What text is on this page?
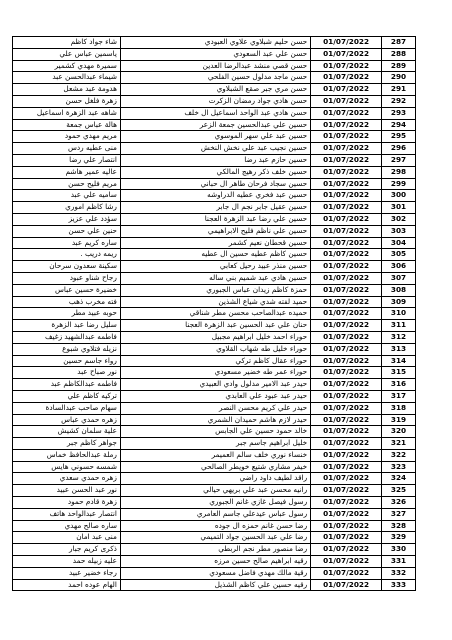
شاء جواد كاظم	حسن حليم شبلاوي علاوي العبودي	01/07/2022	287
ياسمين عباس علي	حسن علي عبد السعودي	01/07/2022	288
سميرة مهدي كشمير	حسن قصي منشد عبدالرضا العدين	01/07/2022	289
شيماء عبدالحسن عبد	حسن ماجد مدلول حسين الفلحي	01/07/2022	290
هدومة عبد مشعل	حسن مري جبر صقع الشبلاوي	01/07/2022	291
زهرة فلغل حسن	حسن هادي جواد رمضان الزكرت	01/07/2022	292
شاهه عبد الزهرة اسماعيل	حسن هادي عبد الواحد اسماعيل ال خلف	01/07/2022	293
هالة عباس جمعة	حسين علي عبدالحسين جمعة الزعر	01/07/2022	294
مريم مهدي حمود	حسين عبد علي سهر الموسوي	01/07/2022	295
منى عطيه ردس	حسين نجيب عبد علي نخش النخش	01/07/2022	296
انتصار علي رضا	حسين حازم عبد رضا	01/07/2022	297
عاليه عمير هاشم	حسين خلف ذكر رهيج المالكي	01/07/2022	298
مريم فليح حسن	حسين سجاد فرحان طاهر ال حباني	01/07/2022	299
ساميه علي عبد	حسين عبد فخري عطيه الدراوشه	01/07/2022	300
رشا كاظم اموري	حسين عقيل جابر نجم ال جابر	01/07/2022	301
سؤدد علي عزيز	حسين علي رضا عبد الزهرة العجنا	01/07/2022	302
حنين علي حسن	حسين علي ناظم فليح الابراهيمي	01/07/2022	303
ساره كريم عبد	حسين قحطان نعيم كشمر	01/07/2022	304
ريمه دريب .	حسين كاظم عطيه حسين ال عطيه	01/07/2022	305
سكينة سعدون سرحان	حسين منذر عبيد رحيل كعابي	01/07/2022	306
رجاح شناو عبود	حسين هادي عبد شميم بني ساله	01/07/2022	307
خضيرة حسين عباس	حمزة كاظم زيدان عباس الجبوري	01/07/2022	308
فته مخرب ذهب	حميد لفته شدي شياع الشذين	01/07/2022	309
حوبه عبيد مطر	حميده عبدالصاحب محسن مطر شناقي	01/07/2022	310
سليل رضا عبد الزهرة	حنان علي عبد الحسين عبد الزهرة العجنا	01/07/2022	311
فاطمه عبدالشهيد زغيف	حوراء احمد خليل ابراهيم مجبيل	01/07/2022	312
نزيله فتلاوي شبوع	حوراء خليل طه شهاب القلاوي	01/07/2022	313
رواء جاسم حسين	حوراء عقال كاظم تركي	01/07/2022	314
نور صباح عبد	حوراء عمر طه خضير مسعودي	01/07/2022	315
فاطمه عبدالكاظم عبد	حيدر عبد الامير مدلول وادي العبيدي	01/07/2022	316
تركيه كاظم علي	حيدر عبد عبود علي العابدي	01/07/2022	317
سهام صاحب عبدالسادة	حيدر علي كريم محسن النصر	01/07/2022	318
زهره حمدي عباس	حيدر لازم هاشم حميدان الشمري	01/07/2022	319
علية سلمان كشيش	خالد حمود حسين علي الجابس	01/07/2022	320
جواهر كاظم جبر	خليل ابراهيم جاسم جبر	01/07/2022	321
رملة عبدالحافظ خماس	خنساء نوري خلف سالم العميمر	01/07/2022	322
شمسه حسوني هايس	خيفر مشاري شتيع خويطر الصالحي	01/07/2022	323
زهره حمدي سعدي	راقد لطيف داود راضي	01/07/2022	324
نور عبد الحسن عبيد	رانيه محسن عبد علي بريهي حيالي	01/07/2022	325
زهرة قادم حمود	رسول فيصل غازي غانم الجبوري	01/07/2022	326
انتصار عبدالواحد هاتف	رسول عباس عيدعلي جاسم العامري	01/07/2022	327
ساره صالح مهدي	رضا حسن غانم حمزه ال جوده	01/07/2022	328
منى عبد امان	رضا علي عبد الحسين جواد التميمي	01/07/2022	329
ذكرى كريم جبار	رضا منصور مطر نجم الربطي	01/07/2022	330
عليه زبيله حمد	رقيه ابراهيم صالح حسين مرزه	01/07/2022	331
رجاء خضير عبيد	رقية مالك مهدي فاضل مسعودي	01/07/2022	332
الهام عوده احمد	رقيه حسين علي كاظم الشذيل	01/07/2022	333
